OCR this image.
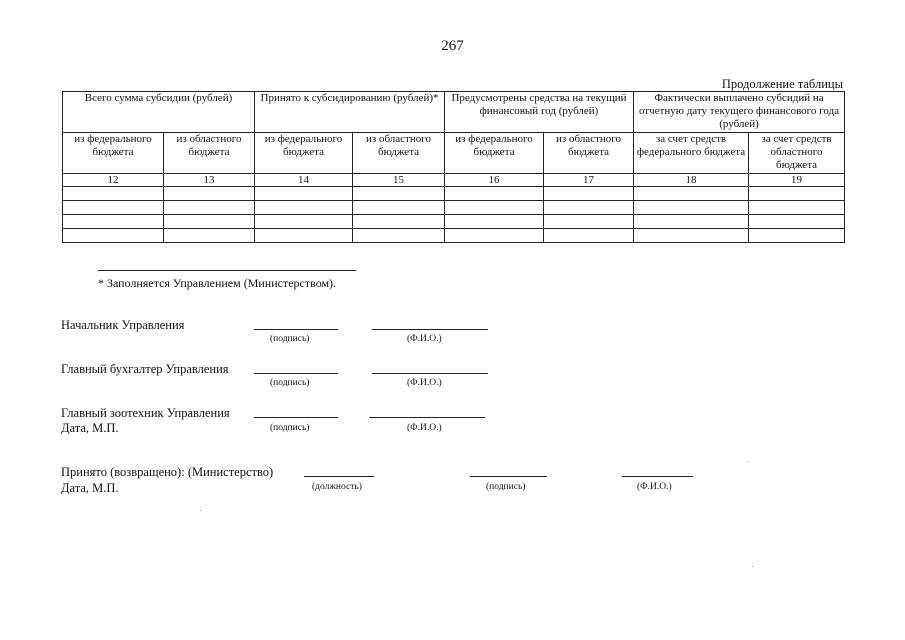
267
Продолжение таблицы
Всего сумма субсидии (рублей)		Принято к субсидированию (рублей)*		Предусмотрены средства на текущий финансовый год (рублей)		Фактически выплачено субсидий на отчетную дату текущего финансового года (рублей)	
из федерального бюджета	из областного бюджета	из федерального бюджета	из областного бюджета	из федерального бюджета	из областного бюджета	за счет средств федерального бюджета	за счет средств областного бюджета
12	13	14	15	16	17	18	19

* Заполняется Управлением (Министерством).
Начальник Управления
(подпись)	(Ф.И.О.)
Главный бухгалтер Управления
(подпись)	(Ф.И.О.)
Главный зоотехник Управления
Дата, М.П.	(подпись)	(Ф.И.О.)
Принято (возвращено): (Министерство)
Дата, М.П.	(должность)	(подпись)	(Ф.И.О.)
